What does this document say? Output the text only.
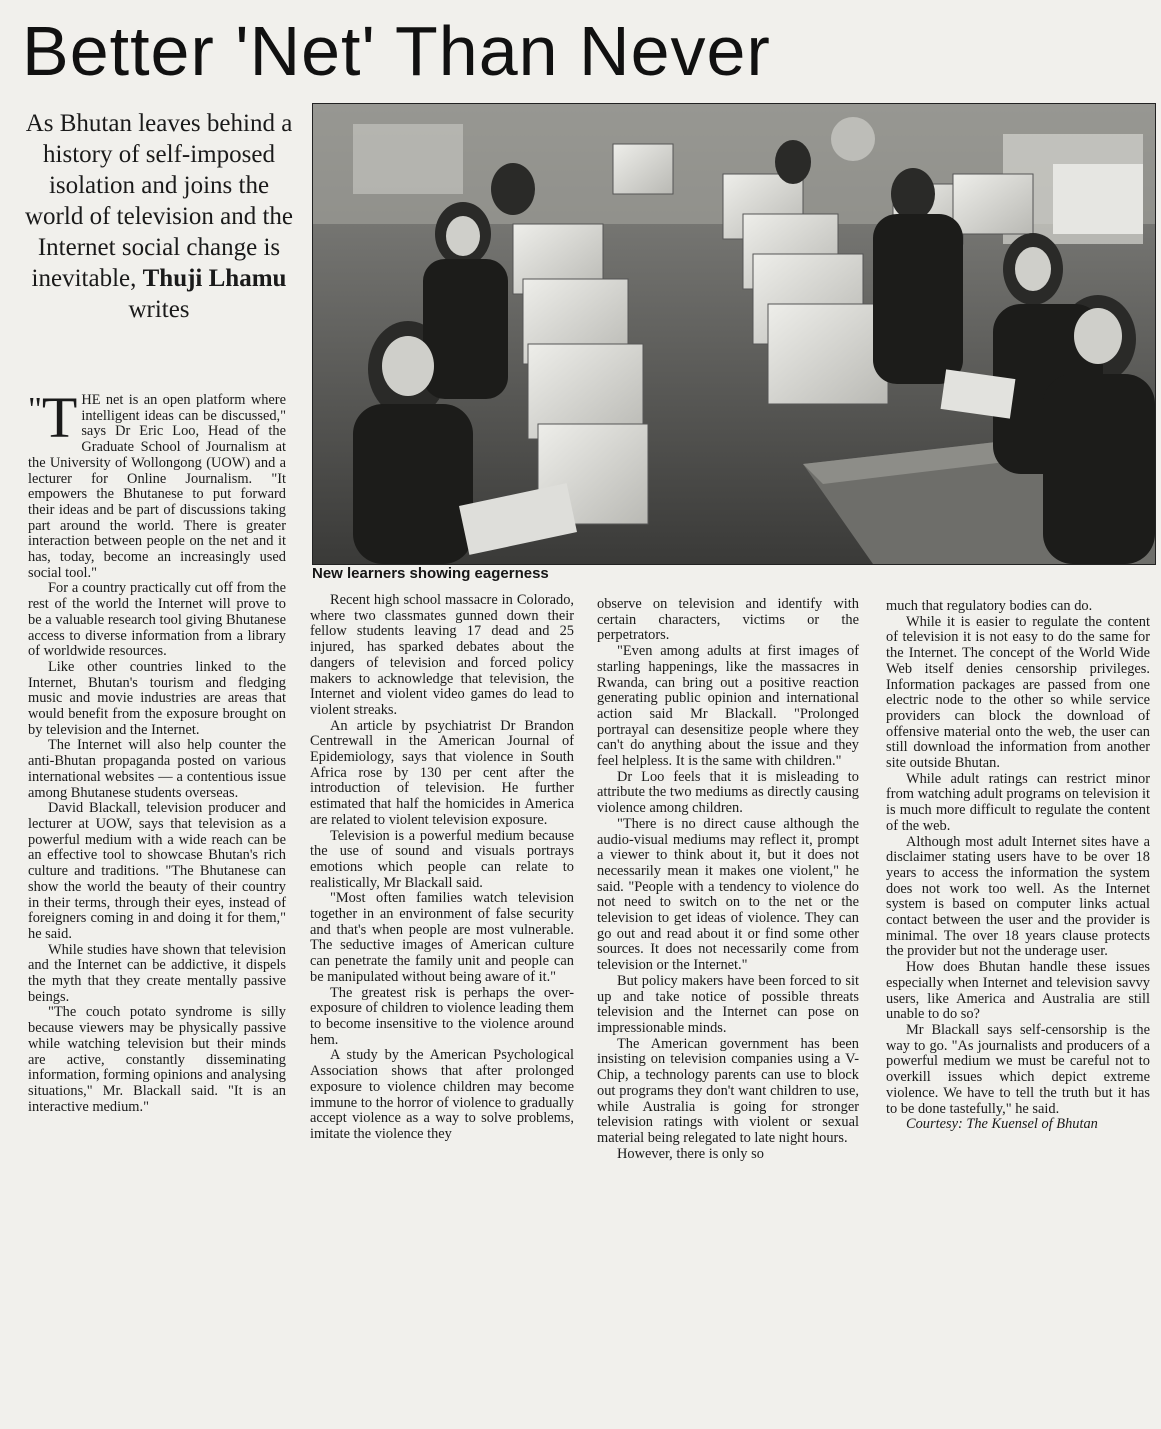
Better 'Net' Than Never
As Bhutan leaves behind a history of self-imposed isolation and joins the world of television and the Internet social change is inevitable, Thuji Lhamu writes
New learners showing eagerness

"T HE net is an open platform where intelligent ideas can be discussed," says Dr Eric Loo, Head of the Graduate School of Journalism at the University of Wollongong (UOW) and a lecturer for Online Journalism. "It empowers the Bhutanese to put forward their ideas and be part of discussions taking part around the world. There is greater interaction between people on the net and it has, today, become an increasingly used social tool."

For a country practically cut off from the rest of the world the Internet will prove to be a valuable research tool giving Bhutanese access to diverse information from a library of worldwide resources.

Like other countries linked to the Internet, Bhutan's tourism and fledging music and movie industries are areas that would benefit from the exposure brought on by television and the Internet.

The Internet will also help counter the anti-Bhutan propaganda posted on various international websites — a contentious issue among Bhutanese students overseas.

David Blackall, television producer and lecturer at UOW, says that television as a powerful medium with a wide reach can be an effective tool to showcase Bhutan's rich culture and traditions. "The Bhutanese can show the world the beauty of their country in their terms, through their eyes, instead of foreigners coming in and doing it for them," he said.

While studies have shown that television and the Internet can be addictive, it dispels the myth that they create mentally passive beings.

"The couch potato syndrome is silly because viewers may be physically passive while watching television but their minds are active, constantly disseminating information, forming opinions and analysing situations," Mr. Blackall said. "It is an interactive medium."

Recent high school massacre in Colorado, where two classmates gunned down their fellow students leaving 17 dead and 25 injured, has sparked debates about the dangers of television and forced policy makers to acknowledge that television, the Internet and violent video games do lead to violent streaks.

An article by psychiatrist Dr Brandon Centrewall in the American Journal of Epidemiology, says that violence in South Africa rose by 130 per cent after the introduction of television. He further estimated that half the homicides in America are related to violent television exposure.

Television is a powerful medium because the use of sound and visuals portrays emotions which people can relate to realistically, Mr Blackall said.

"Most often families watch television together in an environment of false security and that's when people are most vulnerable. The seductive images of American culture can penetrate the family unit and people can be manipulated without being aware of it."

The greatest risk is perhaps the over-exposure of children to violence leading them to become insensitive to the violence around hem.

A study by the American Psychological Association shows that after prolonged exposure to violence children may become immune to the horror of violence to gradually accept violence as a way to solve problems, imitate the violence they

observe on television and identify with certain characters, victims or the perpetrators.

"Even among adults at first images of starling happenings, like the massacres in Rwanda, can bring out a positive reaction generating public opinion and international action said Mr Blackall. "Prolonged portrayal can desensitize people where they can't do anything about the issue and they feel helpless. It is the same with children."

Dr Loo feels that it is misleading to attribute the two mediums as directly causing violence among children.

"There is no direct cause although the audio-visual mediums may reflect it, prompt a viewer to think about it, but it does not necessarily mean it makes one violent," he said. "People with a tendency to violence do not need to switch on to the net or the television to get ideas of violence. They can go out and read about it or find some other sources. It does not necessarily come from television or the Internet."

But policy makers have been forced to sit up and take notice of possible threats television and the Internet can pose on impressionable minds.

The American government has been insisting on television companies using a V-Chip, a technology parents can use to block out programs they don't want children to use, while Australia is going for stronger television ratings with violent or sexual material being relegated to late night hours.

However, there is only so

much that regulatory bodies can do.

While it is easier to regulate the content of television it is not easy to do the same for the Internet. The concept of the World Wide Web itself denies censorship privileges. Information packages are passed from one electric node to the other so while service providers can block the download of offensive material onto the web, the user can still download the information from another site outside Bhutan.

While adult ratings can restrict minor from watching adult programs on television it is much more difficult to regulate the content of the web.

Although most adult Internet sites have a disclaimer stating users have to be over 18 years to access the information the system does not work too well. As the Internet system is based on computer links actual contact between the user and the provider is minimal. The over 18 years clause protects the provider but not the underage user.

How does Bhutan handle these issues especially when Internet and television savvy users, like America and Australia are still unable to do so?

Mr Blackall says self-censorship is the way to go. "As journalists and producers of a powerful medium we must be careful not to overkill issues which depict extreme violence. We have to tell the truth but it has to be done tastefully," he said.

Courtesy: The Kuensel of Bhutan
